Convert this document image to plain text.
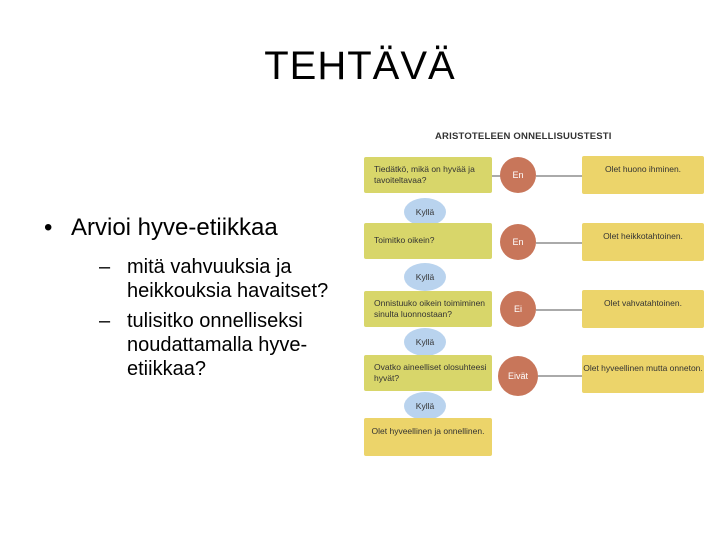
TEHTÄVÄ
• Arvioi hyve-etiikkaa
– mitä vahvuuksia ja heikkouksia havaitset?
– tulisitko onnelliseksi noudattamalla hyve-etiikkaa?
ARISTOTELEEN ONNELLISUUSTESTI
Tiedätkö, mikä on hyvää ja tavoiteltavaa?	En
Olet huono ihminen.
Kyllä
Toimitko oikein?	En
Olet heikkotahtoinen.
Kyllä
Onnistuuko oikein toimiminen sinulta luonnostaan?	Ei
Olet vahvatahtoinen.
Kyllä
Ovatko aineelliset olosuhteesi hyvät?	Eivät
Olet hyveellinen mutta onneton.
Kyllä
Olet hyveellinen ja onnellinen.
